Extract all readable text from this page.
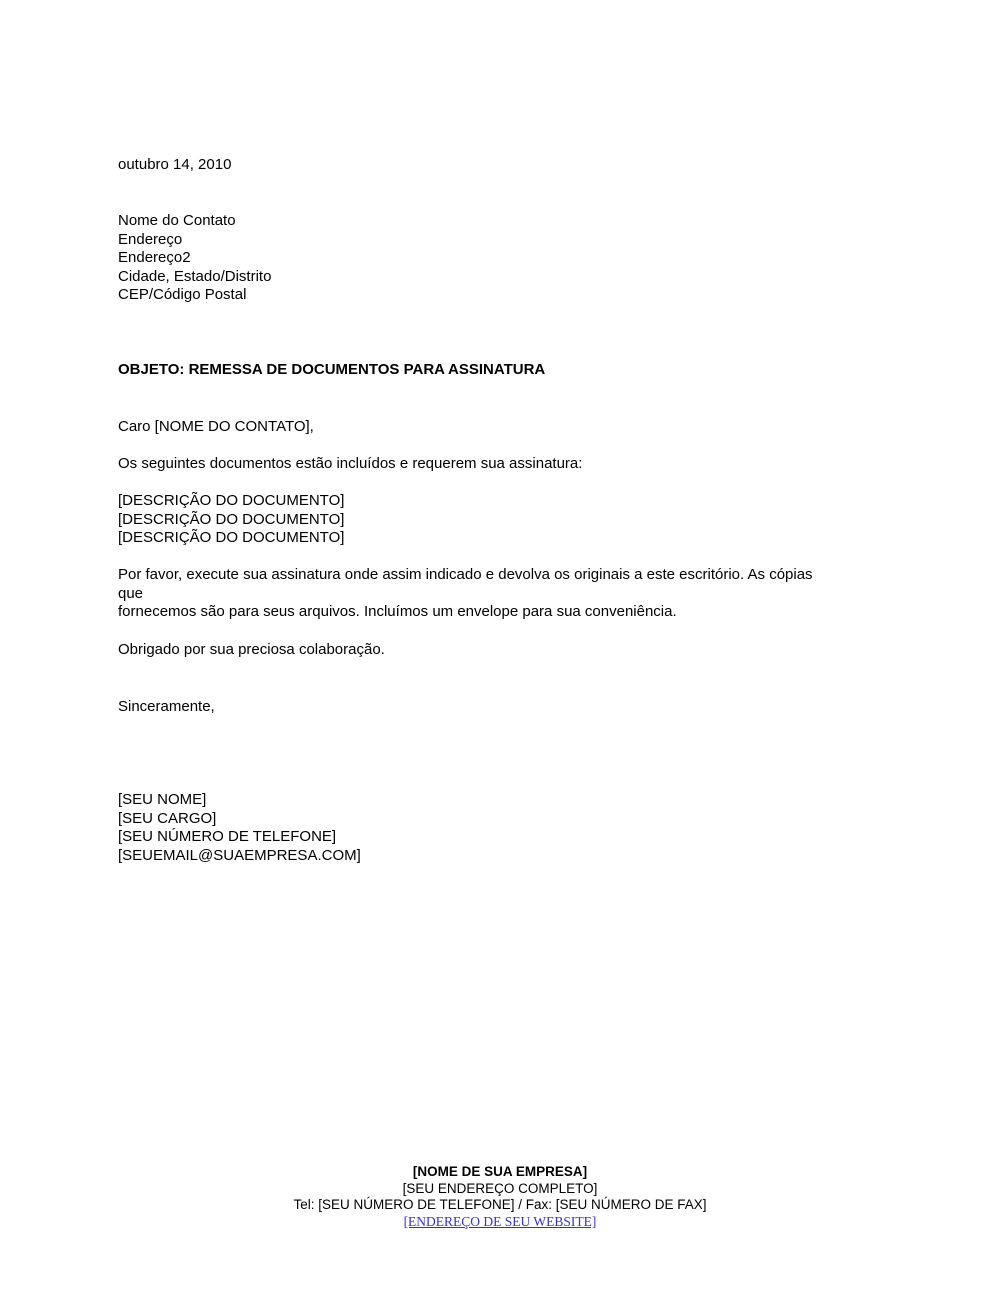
outubro 14, 2010
Nome do Contato
Endereço
Endereço2
Cidade, Estado/Distrito
CEP/Código Postal
OBJETO: REMESSA DE DOCUMENTOS PARA ASSINATURA
Caro [NOME DO CONTATO],
Os seguintes documentos estão incluídos e requerem sua assinatura:
[DESCRIÇÃO DO DOCUMENTO]
[DESCRIÇÃO DO DOCUMENTO]
[DESCRIÇÃO DO DOCUMENTO]
Por favor, execute sua assinatura onde assim indicado e devolva os originais a este escritório. As cópias
que
fornecemos são para seus arquivos. Incluímos um envelope para sua conveniência.
Obrigado por sua preciosa colaboração.
Sinceramente,
[SEU NOME]
[SEU CARGO]
[SEU NÚMERO DE TELEFONE]
[SEUEMAIL@SUAEMPRESA.COM]
[NOME DE SUA EMPRESA]
[SEU ENDEREÇO COMPLETO]
Tel: [SEU NÚMERO DE TELEFONE] / Fax: [SEU NÚMERO DE FAX]
[ENDEREÇO DE SEU WEBSITE]
